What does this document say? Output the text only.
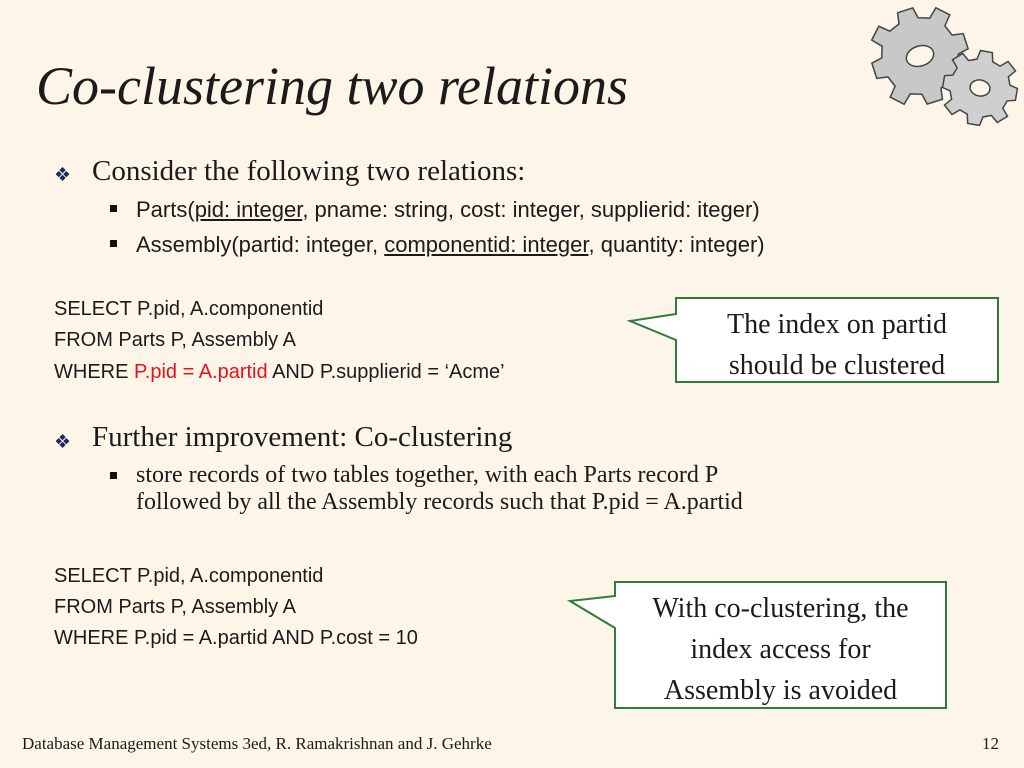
Co-clustering two relations
❖ Consider the following two relations:
Parts(pid: integer, pname: string, cost: integer, supplierid: iteger)
Assembly(partid: integer, componentid: integer, quantity: integer)
SELECT P.pid, A.componentid
FROM Parts P, Assembly A
WHERE P.pid = A.partid AND P.supplierid = ‘Acme’
The index on partid
should be clustered
❖ Further improvement: Co-clustering
store records of two tables together, with each Parts record P
followed by all the Assembly records such that P.pid = A.partid
SELECT P.pid, A.componentid
FROM Parts P, Assembly A
WHERE P.pid = A.partid AND P.cost = 10
With co-clustering, the
index access for
Assembly is avoided
Database Management Systems 3ed, R. Ramakrishnan and J. Gehrke	12
